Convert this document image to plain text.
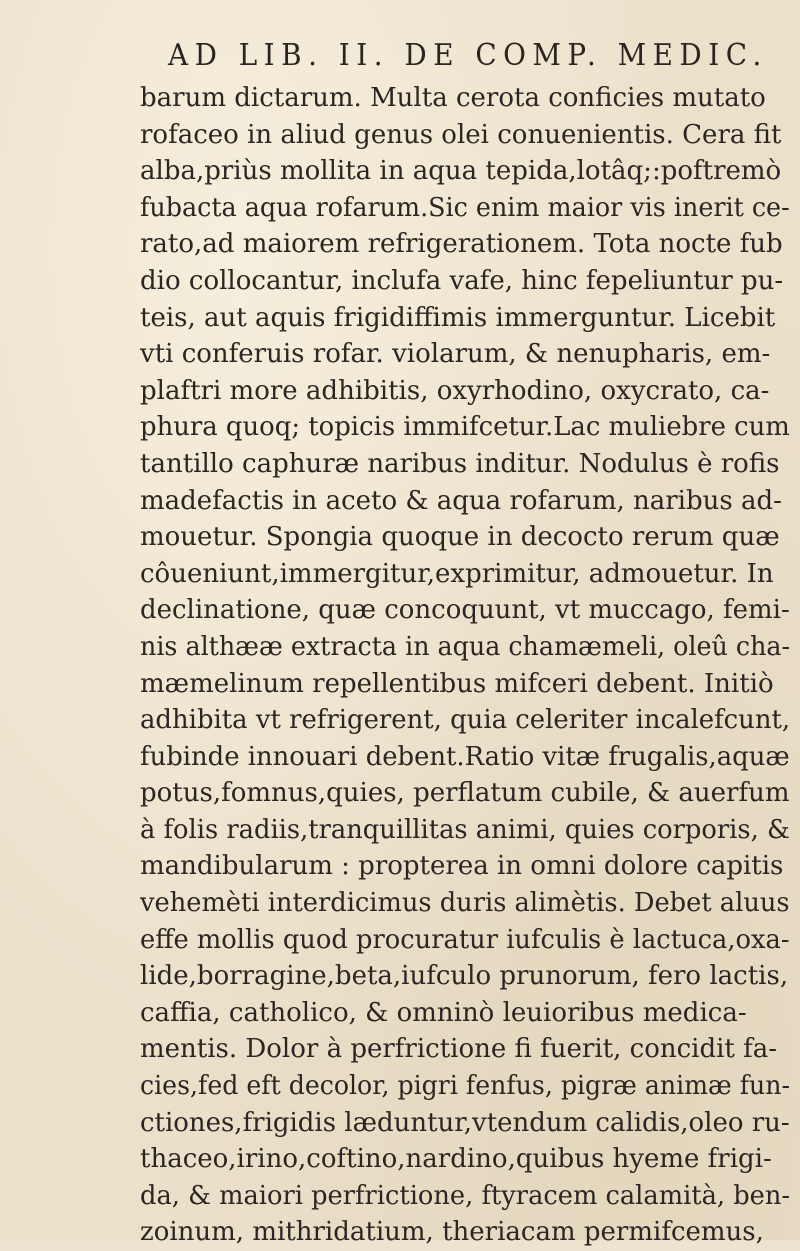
AD LIB. II. DE COMP. MEDIC.
barum dictarum. Multa cerota conficies mutato
rofaceo in aliud genus olei conuenientis. Cera fit
alba,priùs mollita in aqua tepida,lotâq;:poftremò
fubacta aqua rofarum.Sic enim maior vis inerit ce-
rato,ad maiorem refrigerationem. Tota nocte fub
dio collocantur, inclufa vafe, hinc fepeliuntur pu-
teis, aut aquis frigidiffimis immerguntur. Licebit
vti conferuis rofar. violarum, & nenupharis, em-
plaftri more adhibitis, oxyrhodino, oxycrato, ca-
phura quoq; topicis immifcetur.Lac muliebre cum
tantillo caphuræ naribus inditur. Nodulus è rofis
madefactis in aceto & aqua rofarum, naribus ad-
mouetur. Spongia quoque in decocto rerum quæ
côueniunt,immergitur,exprimitur, admouetur. In
declinatione, quæ concoquunt, vt muccago, femi-
nis althææ extracta in aqua chamæmeli, oleû cha-
mæmelinum repellentibus mifceri debent. Initiò
adhibita vt refrigerent, quia celeriter incalefcunt,
fubinde innouari debent.Ratio vitæ frugalis,aquæ
potus,fomnus,quies, perflatum cubile, & auerfum
à folis radiis,tranquillitas animi, quies corporis, &
mandibularum : propterea in omni dolore capitis
vehemèti interdicimus duris alimètis. Debet aluus
effe mollis quod procuratur iufculis è lactuca,oxa-
lide,borragine,beta,iufculo prunorum, fero lactis,
caffia, catholico, & omninò leuioribus medica-
mentis. Dolor à perfrictione fi fuerit, concidit fa-
cies,fed eft decolor, pigri fenfus, pigræ animæ fun-
ctiones,frigidis læduntur,vtendum calidis,oleo ru-
thaceo,irino,coftino,nardino,quibus hyeme frigi-
da, & maiori perfrictione, ftyracem calamità, ben-
zoinum, mithridatium, theriacam permifcemus,
